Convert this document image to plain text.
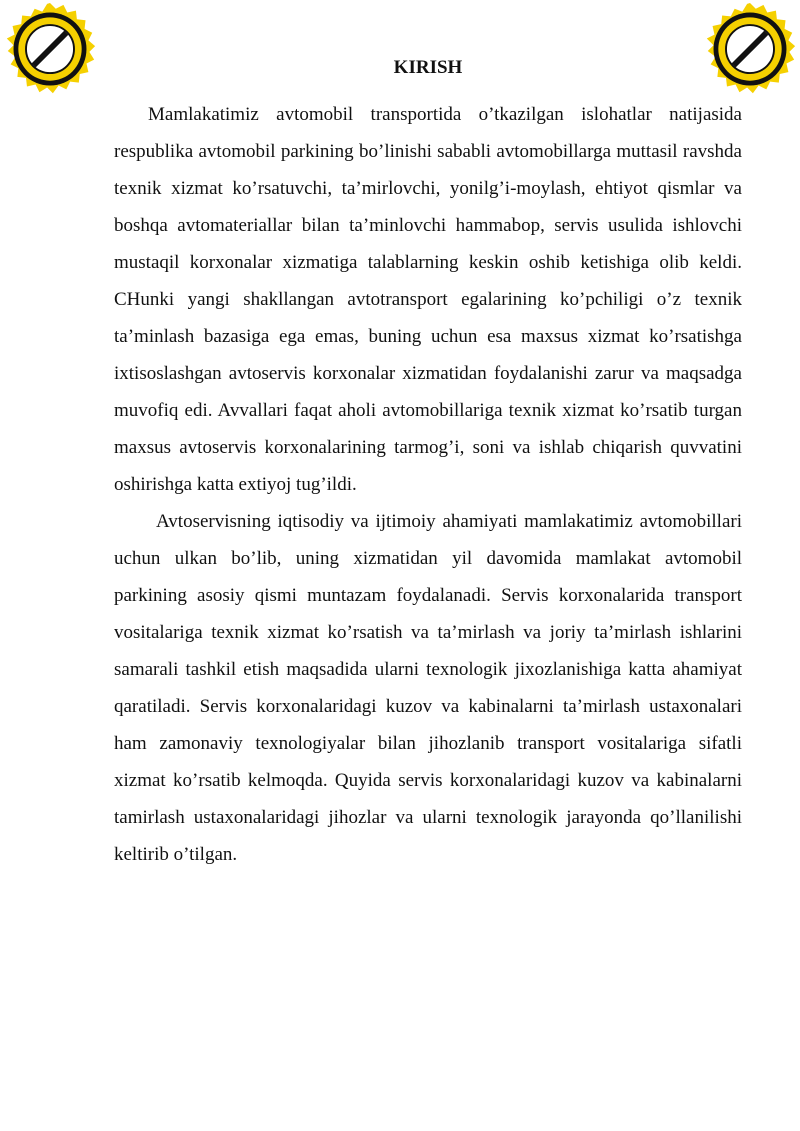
KIRISH

Mamlakatimiz avtomobil transportida o’tkazilgan islohatlar natijasida respublika avtomobil parkining bo’linishi sababli avtomobillarga muttasil ravshda texnik xizmat ko’rsatuvchi, ta’mirlovchi, yonilg’i-moylash, ehtiyot qismlar va boshqa avtomateriallar bilan ta’minlovchi hammabop, servis usulida ishlovchi mustaqil korxonalar xizmatiga talablarning keskin oshib ketishiga olib keldi. CHunki yangi shakllangan avtotransport egalarining ko’pchiligi o’z texnik ta’minlash bazasiga ega emas, buning uchun esa maxsus xizmat ko’rsatishga ixtisoslashgan avtoservis korxonalar xizmatidan foydalanishi zarur va maqsadga muvofiq edi. Avvallari faqat aholi avtomobillariga texnik xizmat ko’rsatib turgan maxsus avtoservis korxonalarining tarmog’i, soni va ishlab chiqarish quvvatini oshirishga katta extiyoj tug’ildi.

Avtoservisning iqtisodiy va ijtimoiy ahamiyati mamlakatimiz avtomobillari uchun ulkan bo’lib, uning xizmatidan yil davomida mamlakat avtomobil parkining asosiy qismi muntazam foydalanadi. Servis korxonalarida transport vositalariga texnik xizmat ko’rsatish va ta’mirlash va joriy ta’mirlash ishlarini samarali tashkil etish maqsadida ularni texnologik jixozlanishiga katta ahamiyat qaratiladi. Servis korxonalaridagi kuzov va kabinalarni ta’mirlash ustaxonalari ham zamonaviy texnologiyalar bilan jihozlanib transport vositalariga sifatli xizmat ko’rsatib kelmoqda. Quyida servis korxonalaridagi kuzov va kabinalarni tamirlash ustaxonalaridagi jihozlar va ularni texnologik jarayonda qo’llanilishi keltirib o’tilgan.
